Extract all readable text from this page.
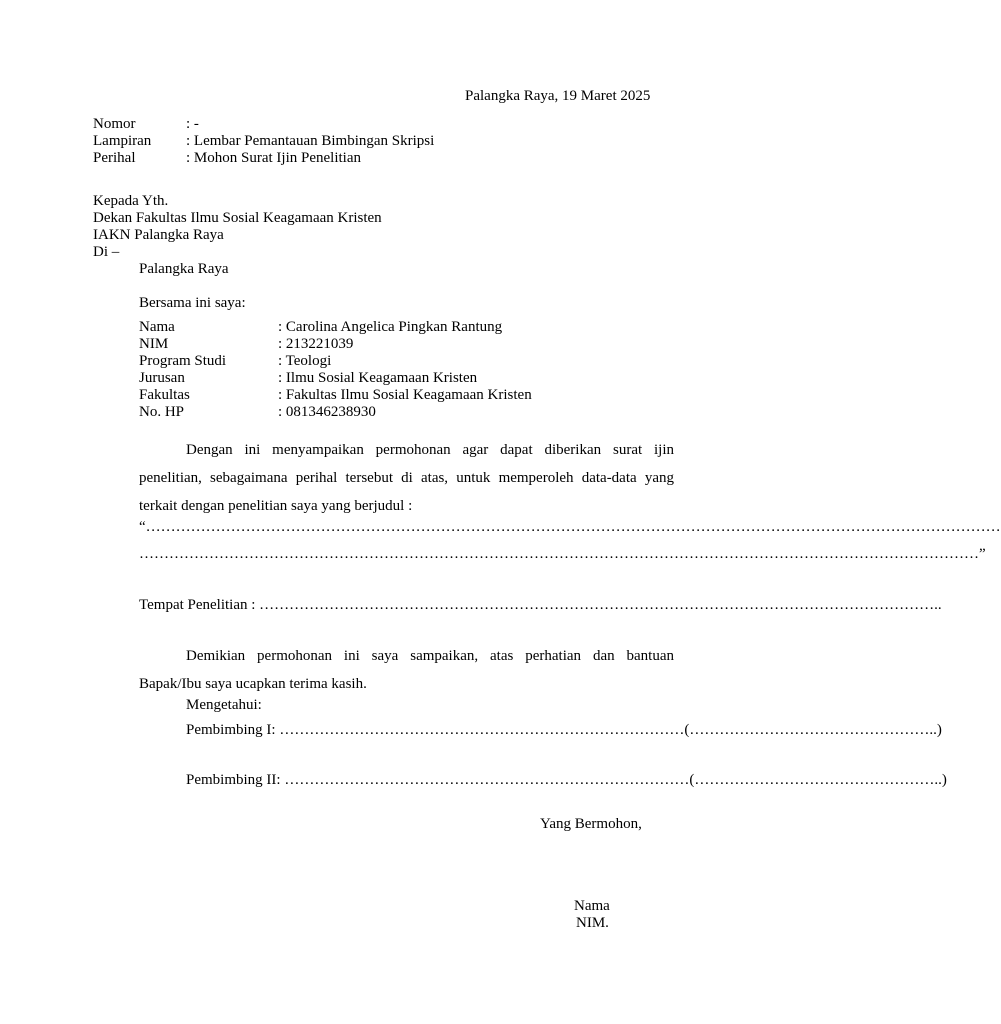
Palangka Raya, 19 Maret 2025
Nomor	: -
Lampiran	: Lembar Pemantauan Bimbingan Skripsi
Perihal	: Mohon Surat Ijin Penelitian
Kepada Yth.
Dekan Fakultas Ilmu Sosial Keagamaan Kristen
IAKN Palangka Raya
Di –
Palangka Raya
Bersama ini saya:
Nama	: Carolina Angelica Pingkan Rantung
NIM	: 213221039
Program Studi	: Teologi
Jurusan	: Ilmu Sosial Keagamaan Kristen
Fakultas	: Fakultas Ilmu Sosial Keagamaan Kristen
No. HP	: 081346238930
Dengan ini menyampaikan permohonan agar dapat diberikan surat ijin penelitian, sebagaimana perihal tersebut di atas, untuk memperoleh data-data yang terkait dengan penelitian saya yang berjudul :
“………………………………………………………………………………………………………………………………………………………
……………………………………………………………………………………………………………………………………………………”
Tempat Penelitian : ………………………………………………………………………………………………………………………..
Demikian permohonan ini saya sampaikan, atas perhatian dan bantuan Bapak/Ibu saya ucapkan terima kasih.
Mengetahui:
Pembimbing I: ………………………………………………………………………(…………………………………………..)
Pembimbing II: ………………………………………………………………………(…………………………………………..)
Yang Bermohon,
Nama
NIM.
